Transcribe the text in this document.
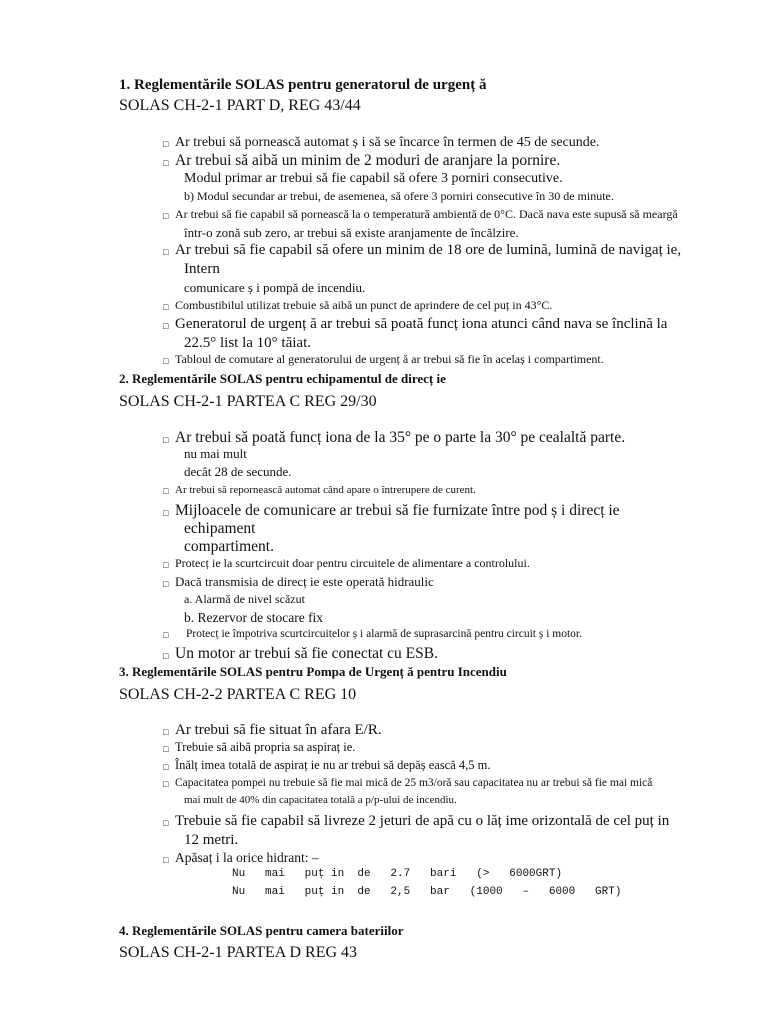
1. Reglementările SOLAS pentru generatorul de urgenț ă
SOLAS CH-2-1 PART D, REG 43/44
□Ar trebui să pornească automat ș i să se încarce în termen de 45 de secunde.
□Ar trebui să aibă un minim de 2 moduri de aranjare la pornire.
Modul primar ar trebui să fie capabil să ofere 3 porniri consecutive.
b) Modul secundar ar trebui, de asemenea, să ofere 3 porniri consecutive în 30 de minute.
□Ar trebui să fie capabil să pornească la o temperatură ambientă de 0°C. Dacă nava este supusă să meargă
într-o zonă sub zero, ar trebui să existe aranjamente de încălzire.
□Ar trebui să fie capabil să ofere un minim de 18 ore de lumină, lumină de navigaț ie,
Intern
comunicare ș i pompă de incendiu.
□Combustibilul utilizat trebuie să aibă un punct de aprindere de cel puț in 43°C.
□Generatorul de urgenț ă ar trebui să poată funcț iona atunci când nava se înclină la
22.5° list la 10° tăiat.
□Tabloul de comutare al generatorului de urgenț ă ar trebui să fie în acelaș i compartiment.
2. Reglementările SOLAS pentru echipamentul de direcț ie
SOLAS CH-2-1 PARTEA C REG 29/30
□Ar trebui să poată funcț iona de la 35° pe o parte la 30° pe cealaltă parte.
nu mai mult
decât 28 de secunde.
□Ar trebui să repornească automat când apare o întrerupere de curent.
□Mijloacele de comunicare ar trebui să fie furnizate între pod ș i direcț ie
echipament
compartiment.
□Protecț ie la scurtcircuit doar pentru circuitele de alimentare a controlului.
□Dacă transmisia de direcț ie este operată hidraulic
a. Alarmă de nivel scăzut
b. Rezervor de stocare fix
□Protecț ie împotriva scurtcircuitelor ș i alarmă de suprasarcină pentru circuit ș i motor.
□Un motor ar trebui să fie conectat cu ESB.
3. Reglementările SOLAS pentru Pompa de Urgenț ă pentru Incendiu
SOLAS CH-2-2 PARTEA C REG 10
□Ar trebui să fie situat în afara E/R.
□Trebuie să aibă propria sa aspiraț ie.
□Înălț imea totală de aspiraț ie nu ar trebui să depăș ească 4,5 m.
□Capacitatea pompei nu trebuie să fie mai mică de 25 m3/oră sau capacitatea nu ar trebui să fie mai mică
mai mult de 40% din capacitatea totală a p/p-ului de incendiu.
□Trebuie să fie capabil să livreze 2 jeturi de apă cu o lăț ime orizontală de cel puț in
12 metri.
□Apăsaț i la orice hidrant: –
Nu   mai   puț in  de   2.7   bari   (>   6000GRT)
Nu   mai   puț in  de   2,5   bar   (1000   –   6000   GRT)
4. Reglementările SOLAS pentru camera bateriilor
SOLAS CH-2-1 PARTEA D REG 43
